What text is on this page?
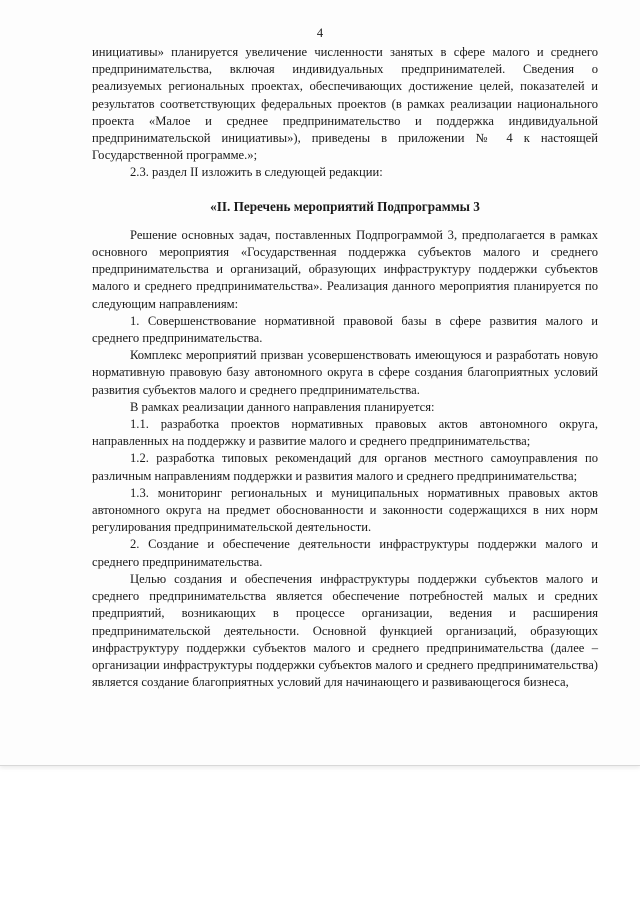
4

инициативы» планируется увеличение численности занятых в сфере малого и среднего предпринимательства, включая индивидуальных предпринимателей. Сведения о реализуемых региональных проектах, обеспечивающих достижение целей, показателей и результатов соответствующих федеральных проектов (в рамках реализации национального проекта «Малое и среднее предпринимательство и поддержка индивидуальной предпринимательской инициативы»), приведены в приложении № 4 к настоящей Государственной программе.»;

2.3. раздел II изложить в следующей редакции:

«II. Перечень мероприятий Подпрограммы 3

Решение основных задач, поставленных Подпрограммой 3, предполагается в рамках основного мероприятия «Государственная поддержка субъектов малого и среднего предпринимательства и организаций, образующих инфраструктуру поддержки субъектов малого и среднего предпринимательства». Реализация данного мероприятия планируется по следующим направлениям:

1. Совершенствование нормативной правовой базы в сфере развития малого и среднего предпринимательства.

Комплекс мероприятий призван усовершенствовать имеющуюся и разработать новую нормативную правовую базу автономного округа в сфере создания благоприятных условий развития субъектов малого и среднего предпринимательства.

В рамках реализации данного направления планируется:

1.1. разработка проектов нормативных правовых актов автономного округа, направленных на поддержку и развитие малого и среднего предпринимательства;

1.2. разработка типовых рекомендаций для органов местного самоуправления по различным направлениям поддержки и развития малого и среднего предпринимательства;

1.3. мониторинг региональных и муниципальных нормативных правовых актов автономного округа на предмет обоснованности и законности содержащихся в них норм регулирования предпринимательской деятельности.

2. Создание и обеспечение деятельности инфраструктуры поддержки малого и среднего предпринимательства.

Целью создания и обеспечения инфраструктуры поддержки субъектов малого и среднего предпринимательства является обеспечение потребностей малых и средних предприятий, возникающих в процессе организации, ведения и расширения предпринимательской деятельности. Основной функцией организаций, образующих инфраструктуру поддержки субъектов малого и среднего предпринимательства (далее – организации инфраструктуры поддержки субъектов малого и среднего предпринимательства) является создание благоприятных условий для начинающего и развивающегося бизнеса,
